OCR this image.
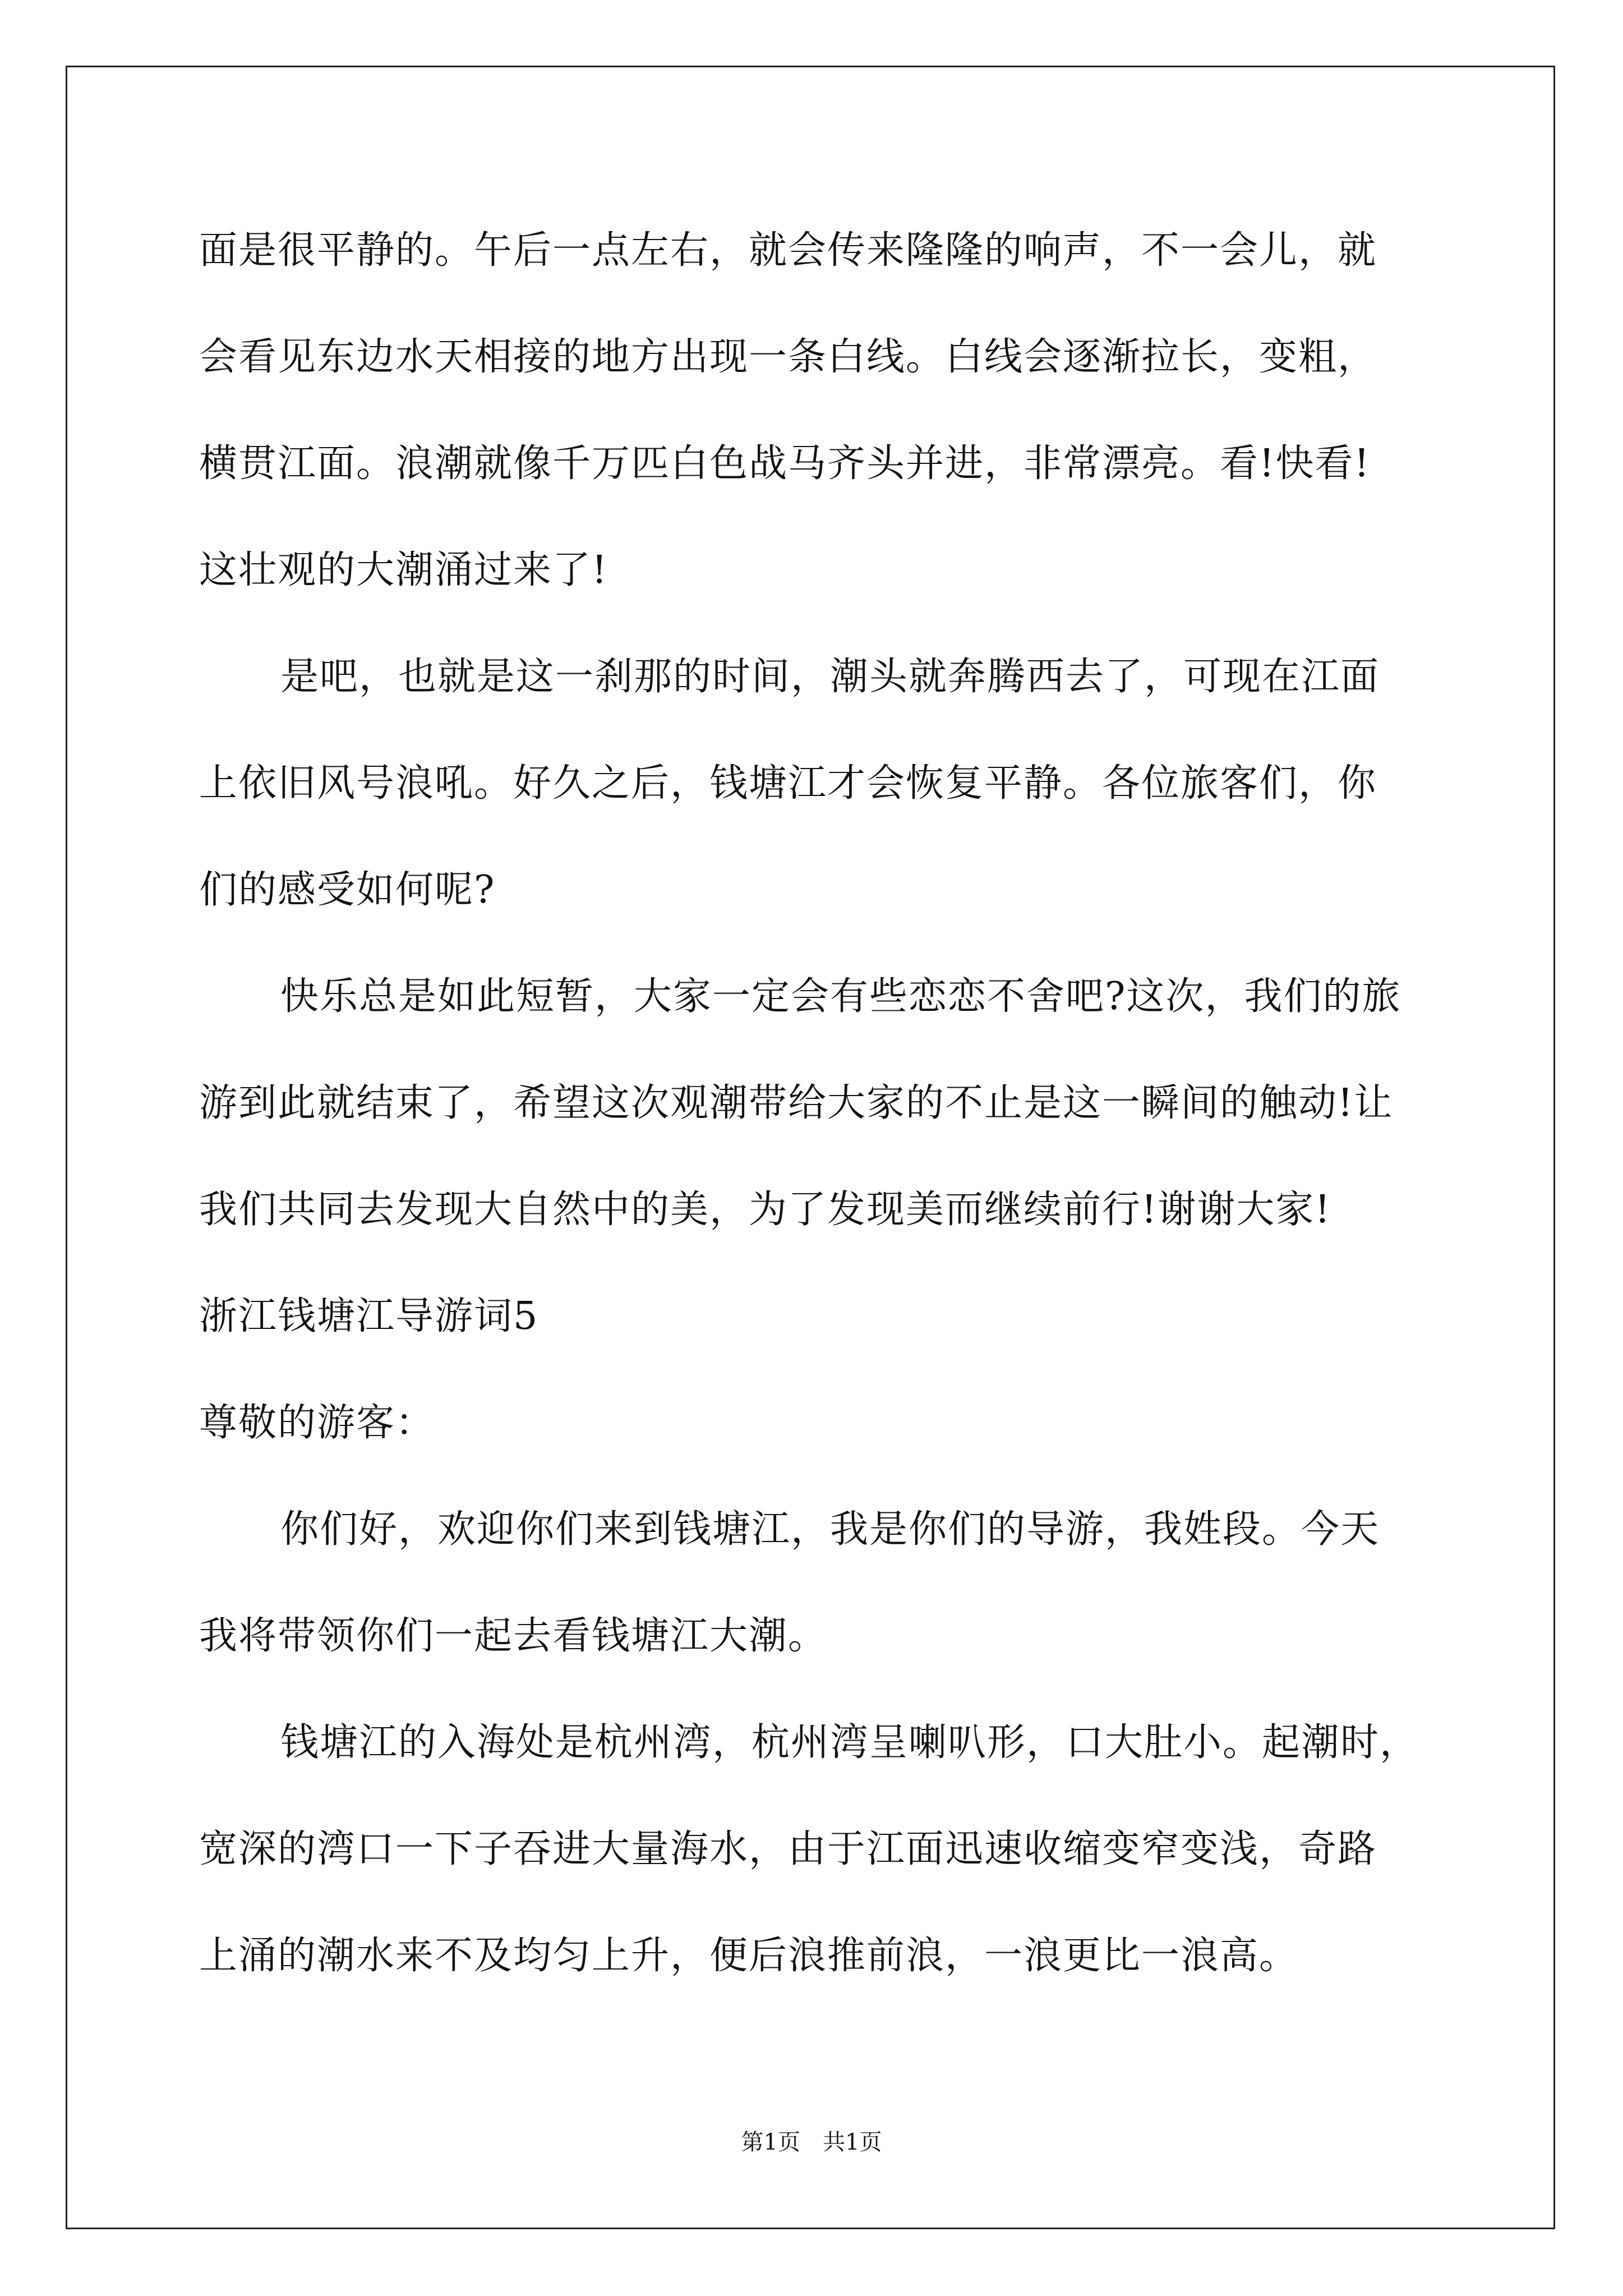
面是很平静的。午后一点左右，就会传来隆隆的响声，不一会儿，就
会看见东边水天相接的地方出现一条白线。白线会逐渐拉长，变粗，
横贯江面。浪潮就像千万匹白色战马齐头并进，非常漂亮。看!快看!
这壮观的大潮涌过来了!
是吧，也就是这一刹那的时间，潮头就奔腾西去了，可现在江面
上依旧风号浪吼。好久之后，钱塘江才会恢复平静。各位旅客们，你
们的感受如何呢?
快乐总是如此短暂，大家一定会有些恋恋不舍吧?这次，我们的旅
游到此就结束了，希望这次观潮带给大家的不止是这一瞬间的触动!让
我们共同去发现大自然中的美，为了发现美而继续前行!谢谢大家!
浙江钱塘江导游词5
尊敬的游客：
你们好，欢迎你们来到钱塘江，我是你们的导游，我姓段。今天
我将带领你们一起去看钱塘江大潮。
钱塘江的入海处是杭州湾，杭州湾呈喇叭形，口大肚小。起潮时，
宽深的湾口一下子吞进大量海水，由于江面迅速收缩变窄变浅，奇路
上涌的潮水来不及均匀上升，便后浪推前浪，一浪更比一浪高。
第1页　共1页
